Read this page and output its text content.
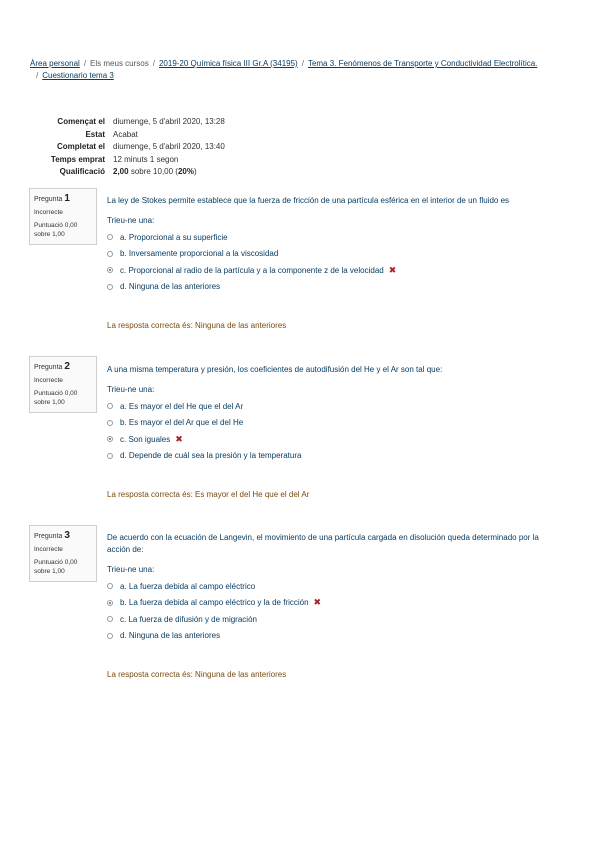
Àrea personal / Els meus cursos / 2019-20 Química física III Gr.A (34195) / Tema 3. Fenómenos de Transporte y Conductividad Electrolítica.
/ Cuestionario tema 3
Començat el	diumenge, 5 d'abril 2020, 13:28
Estat	Acabat
Completat el	diumenge, 5 d'abril 2020, 13:40
Temps emprat	12 minuts 1 segon
Qualificació	2,00 sobre 10,00 (20%)
Pregunta 1
Incorrecte
Puntuació 0,00
sobre 1,00
La ley de Stokes permite establece que la fuerza de fricción de una partícula esférica en el interior de un fluido es
Trieu-ne una:
a. Proporcional a su superficie
b. Inversamente proporcional a la viscosidad
c. Proporcional al radio de la partícula y a la componente z de la velocidad ✖
d. Ninguna de las anteriores
La resposta correcta és: Ninguna de las anteriores
Pregunta 2
Incorrecte
Puntuació 0,00
sobre 1,00
A una misma temperatura y presión, los coeficientes de autodifusión del He y el Ar son tal que:
Trieu-ne una:
a. Es mayor el del He que el del Ar
b. Es mayor el del Ar que el del He
c. Son iguales ✖
d. Depende de cuál sea la presión y la temperatura
La resposta correcta és: Es mayor el del He que el del Ar
Pregunta 3
Incorrecte
Puntuació 0,00
sobre 1,00
De acuerdo con la ecuación de Langevin, el movimiento de una partícula cargada en disolución queda determinado por la acción de:
Trieu-ne una:
a. La fuerza debida al campo eléctrico
b. La fuerza debida al campo eléctrico y la de fricción ✖
c. La fuerza de difusión y de migración
d. Ninguna de las anteriores
La resposta correcta és: Ninguna de las anteriores
